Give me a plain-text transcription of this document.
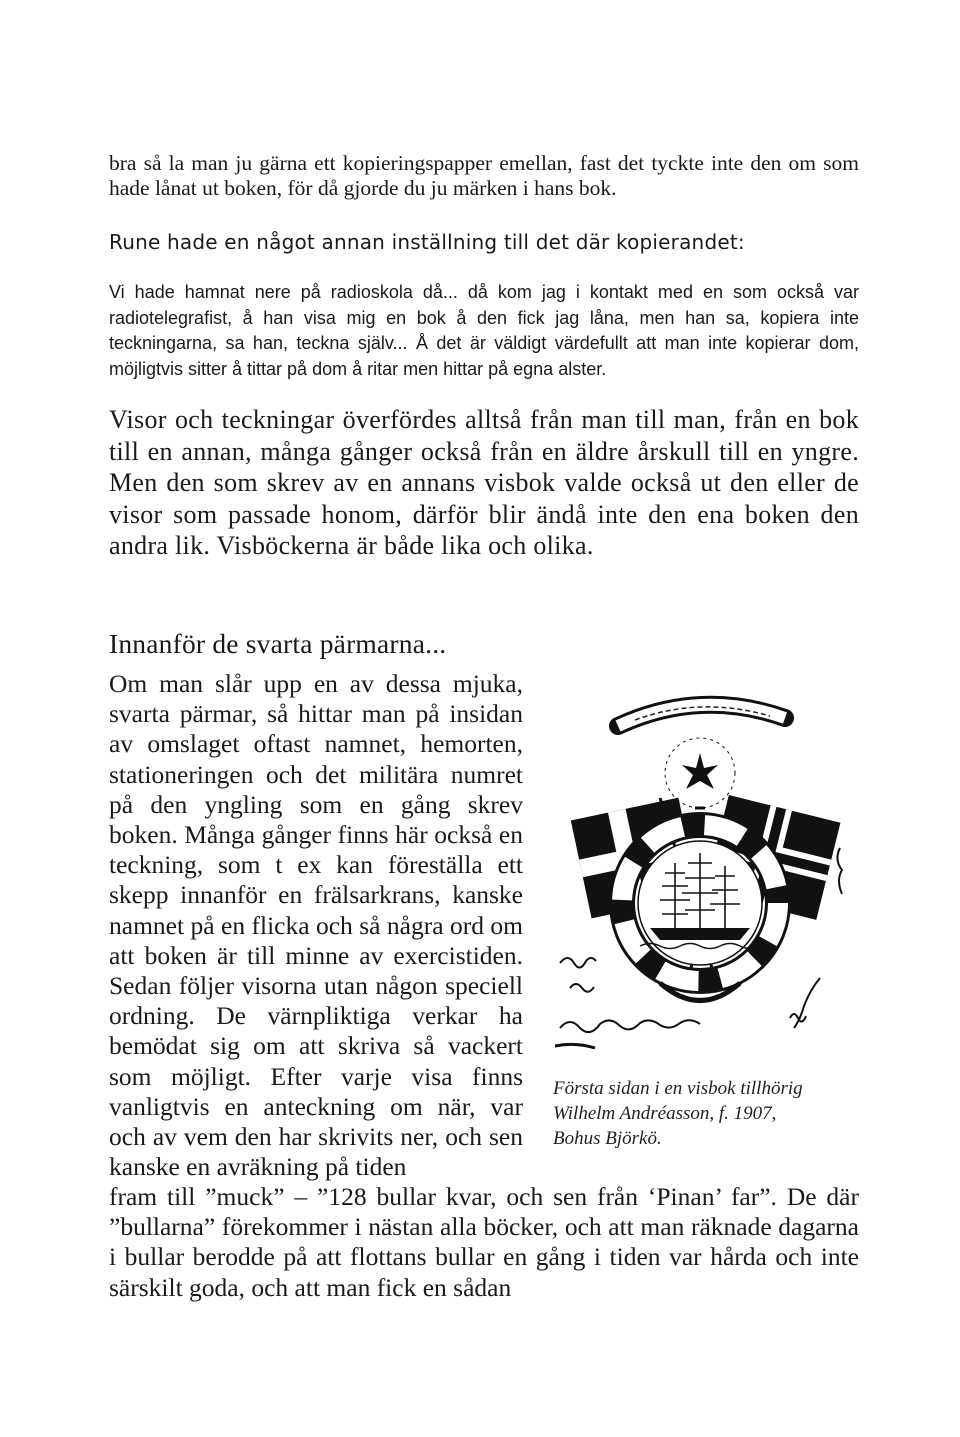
bra så la man ju gärna ett kopieringspapper emellan, fast det tyckte inte den om som hade lånat ut boken, för då gjorde du ju märken i hans bok.

Rune hade en något annan inställning till det där kopierandet:

Vi hade hamnat nere på radioskola då... då kom jag i kontakt med en som också var radiotelegrafist, å han visa mig en bok å den fick jag låna, men han sa, kopiera inte teckningarna, sa han, teckna själv... Å det är väldigt värdefullt att man inte kopierar dom, möjligtvis sitter å tittar på dom å ritar men hittar på egna alster.

Visor och teckningar överfördes alltså från man till man, från en bok till en annan, många gånger också från en äldre årskull till en yngre. Men den som skrev av en annans visbok valde också ut den eller de visor som passade honom, därför blir ändå inte den ena boken den andra lik. Visböckerna är både lika och olika.

Innanför de svarta pärmarna...

Om man slår upp en av dessa mjuka, svarta pärmar, så hittar man på insidan av omslaget oftast namnet, hemorten, stationeringen och det militära numret på den yngling som en gång skrev boken. Många gånger finns här också en teckning, som t ex kan föreställa ett skepp innanför en frälsarkrans, kanske namnet på en flicka och så några ord om att boken är till minne av exercistiden. Sedan följer visorna utan någon speciell ordning. De värnpliktiga verkar ha bemödat sig om att skriva så vackert som möjligt. Efter varje visa finns vanligtvis en anteckning om när, var och av vem den har skrivits ner, och sen kanske en avräkning på tiden

fram till ”muck” – ”128 bullar kvar, och sen från ‘Pinan’ far”. De där ”bullarna” förekommer i nästan alla böcker, och att man räknade dagarna i bullar berodde på att flottans bullar en gång i tiden var hårda och inte särskilt goda, och att man fick en sådan

Första sidan i en visbok tillhörig
Wilhelm Andréasson, f. 1907,
Bohus Björkö.
